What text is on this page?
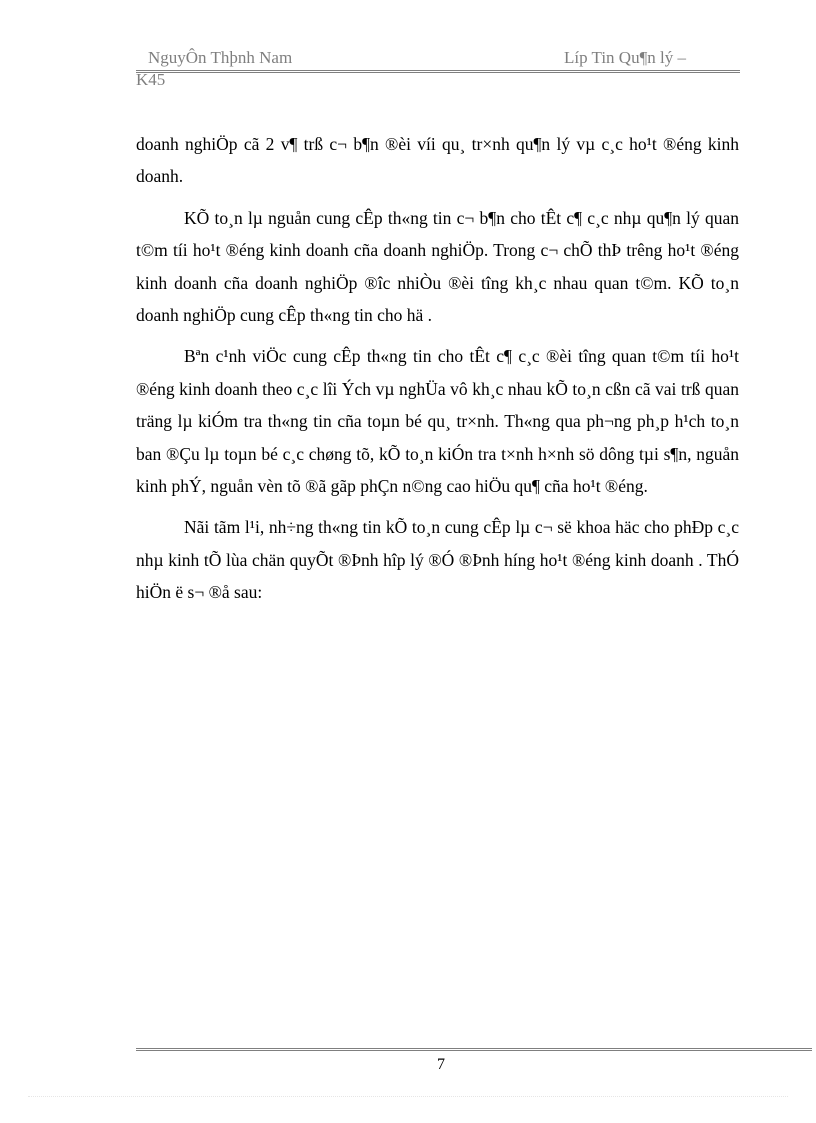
NguyÔn Thþnh Nam	Líp Tin Qu¶n lý –
K45

doanh nghiÖp cã 2 v¶ trß c¬ b¶n ®èi víi qu¸ tr×nh qu¶n lý vµ c¸c ho¹t ®éng kinh doanh.

KÕ to¸n lµ nguån cung cÊp th«ng tin c¬ b¶n cho tÊt c¶ c¸c nhµ qu¶n lý quan t©m tíi ho¹t ®éng kinh doanh cña doanh nghiÖp. Trong c¬ chÕ thÞ trêng ho¹t ®éng kinh doanh cña doanh nghiÖp ®îc nhiÒu ®èi tîng kh¸c nhau quan t©m. KÕ to¸n doanh nghiÖp cung cÊp th«ng tin cho hä .

Bªn c¹nh viÖc cung cÊp th«ng tin cho tÊt c¶ c¸c ®èi tîng quan t©m tíi ho¹t ®éng kinh doanh theo c¸c lîi Ých vµ nghÜa vô kh¸c nhau kÕ to¸n cßn cã vai trß quan träng lµ kiÓm tra th«ng tin cña toµn bé qu¸ tr×nh. Th«ng qua ph¬ng ph¸p h¹ch to¸n ban ®Çu lµ toµn bé c¸c chøng tõ, kÕ to¸n kiÓn tra t×nh h×nh sö dông tµi s¶n, nguån kinh phÝ, nguån vèn tõ ®ã gãp phÇn n©ng cao hiÖu qu¶ cña ho¹t ®éng.

Nãi tãm l¹i, nh÷ng th«ng tin kÕ to¸n cung cÊp lµ c¬ së khoa häc cho phÐp c¸c nhµ kinh tÕ lùa chän quyÕt ®Þnh hîp lý ®Ó ®Þnh híng ho¹t ®éng kinh doanh . ThÓ hiÖn ë s¬ ®å sau:

7
